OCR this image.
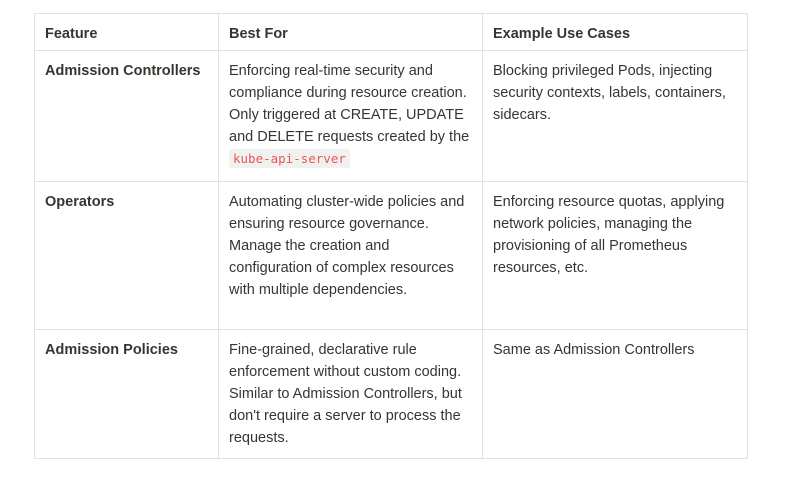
Feature	Best For	Example Use Cases
Admission Controllers	Enforcing real-time security and compliance during resource creation. Only triggered at CREATE, UPDATE and DELETE requests created by the kube-api-server	Blocking privileged Pods, injecting security contexts, labels, containers, sidecars.
Operators	Automating cluster-wide policies and ensuring resource governance. Manage the creation and configuration of complex resources with multiple dependencies.	Enforcing resource quotas, applying network policies, managing the provisioning of all Prometheus resources, etc.
Admission Policies	Fine-grained, declarative rule enforcement without custom coding. Similar to Admission Controllers, but don't require a server to process the requests.	Same as Admission Controllers
